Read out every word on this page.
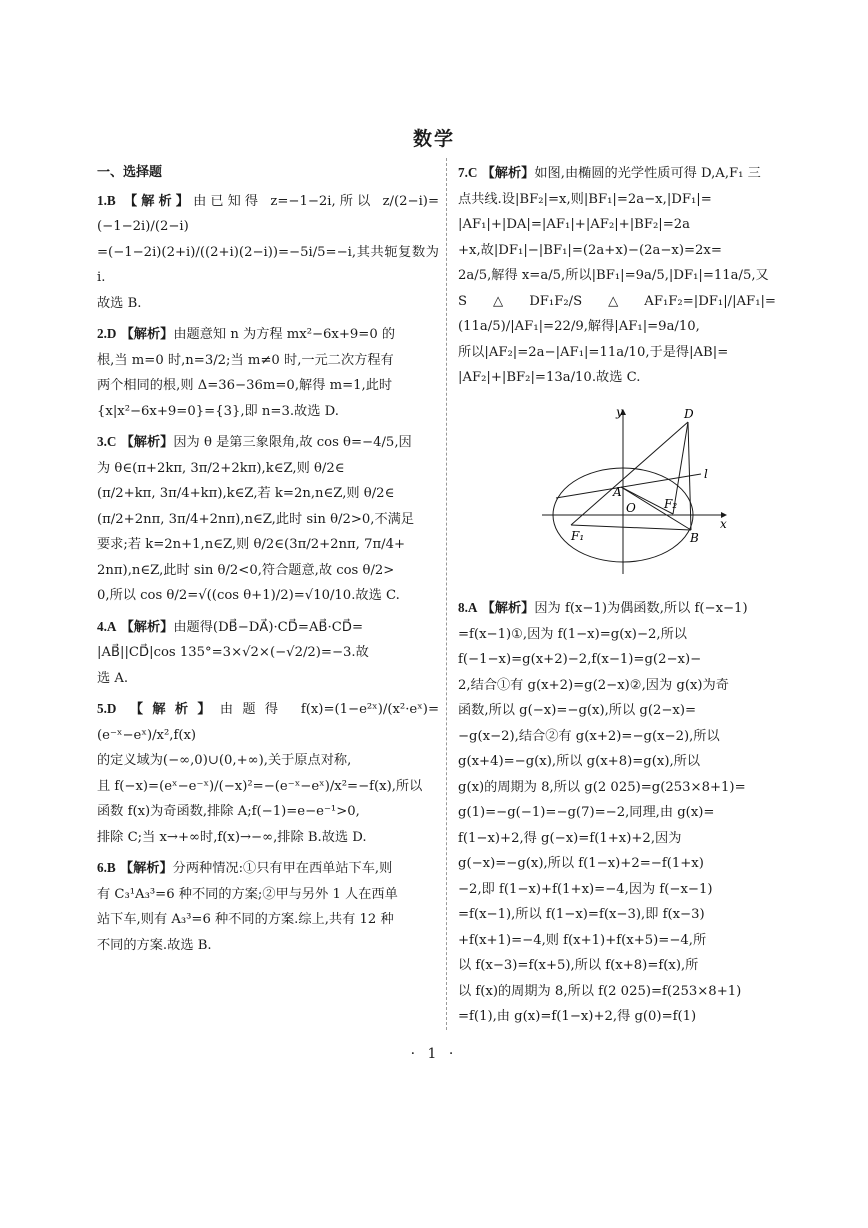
数学
一、选择题

1.B 【解析】由已知得 z=−1−2i,所以 z/(2−i)=(−1−2i)/(2−i)

=(−1−2i)(2+i)/((2+i)(2−i))=−5i/5=−i,其共轭复数为 i.

故选 B.

2.D 【解析】由题意知 n 为方程 mx²−6x+9=0 的

根,当 m=0 时,n=3/2;当 m≠0 时,一元二次方程有

两个相同的根,则 Δ=36−36m=0,解得 m=1,此时

{x|x²−6x+9=0}={3},即 n=3.故选 D.

3.C 【解析】因为 θ 是第三象限角,故 cos θ=−4/5,因

为 θ∈(π+2kπ, 3π/2+2kπ),k∈Z,则 θ/2∈

(π/2+kπ, 3π/4+kπ),k∈Z,若 k=2n,n∈Z,则 θ/2∈

(π/2+2nπ, 3π/4+2nπ),n∈Z,此时 sin θ/2>0,不满足

要求;若 k=2n+1,n∈Z,则 θ/2∈(3π/2+2nπ, 7π/4+

2nπ),n∈Z,此时 sin θ/2<0,符合题意,故 cos θ/2>

0,所以 cos θ/2=√((cos θ+1)/2)=√10/10.故选 C.

4.A 【解析】由题得(DB⃗−DA⃗)·CD⃗=AB⃗·CD⃗=

|AB⃗||CD⃗|cos 135°=3×√2×(−√2/2)=−3.故

选 A.

5.D 【解析】由题得 f(x)=(1−e²ˣ)/(x²·eˣ)=(e⁻ˣ−eˣ)/x²,f(x)

的定义域为(−∞,0)∪(0,+∞),关于原点对称,

且 f(−x)=(eˣ−e⁻ˣ)/(−x)²=−(e⁻ˣ−eˣ)/x²=−f(x),所以

函数 f(x)为奇函数,排除 A;f(−1)=e−e⁻¹>0,

排除 C;当 x→+∞时,f(x)→−∞,排除 B.故选 D.

6.B 【解析】分两种情况:①只有甲在西单站下车,则

有 C₃¹A₃³=6 种不同的方案;②甲与另外 1 人在西单

站下车,则有 A₃³=6 种不同的方案.综上,共有 12 种

不同的方案.故选 B.

7.C 【解析】如图,由椭圆的光学性质可得 D,A,F₁ 三

点共线.设|BF₂|=x,则|BF₁|=2a−x,|DF₁|=

|AF₁|+|DA|=|AF₁|+|AF₂|+|BF₂|=2a

+x,故|DF₁|−|BF₁|=(2a+x)−(2a−x)=2x=

2a/5,解得 x=a/5,所以|BF₁|=9a/5,|DF₁|=11a/5,又

S△DF₁F₂/S△AF₁F₂=|DF₁|/|AF₁|=(11a/5)/|AF₁|=22/9,解得|AF₁|=9a/10,

所以|AF₂|=2a−|AF₁|=11a/10,于是得|AB|=

|AF₂|+|BF₂|=13a/10.故选 C.

y	D
l
A
O F₂
F₁	B
x

8.A 【解析】因为 f(x−1)为偶函数,所以 f(−x−1)

=f(x−1)①,因为 f(1−x)=g(x)−2,所以

f(−1−x)=g(x+2)−2,f(x−1)=g(2−x)−

2,结合①有 g(x+2)=g(2−x)②,因为 g(x)为奇

函数,所以 g(−x)=−g(x),所以 g(2−x)=

−g(x−2),结合②有 g(x+2)=−g(x−2),所以

g(x+4)=−g(x),所以 g(x+8)=g(x),所以

g(x)的周期为 8,所以 g(2 025)=g(253×8+1)=

g(1)=−g(−1)=−g(7)=−2,同理,由 g(x)=

f(1−x)+2,得 g(−x)=f(1+x)+2,因为

g(−x)=−g(x),所以 f(1−x)+2=−f(1+x)

−2,即 f(1−x)+f(1+x)=−4,因为 f(−x−1)

=f(x−1),所以 f(1−x)=f(x−3),即 f(x−3)

+f(x+1)=−4,则 f(x+1)+f(x+5)=−4,所

以 f(x−3)=f(x+5),所以 f(x+8)=f(x),所

以 f(x)的周期为 8,所以 f(2 025)=f(253×8+1)

=f(1),由 g(x)=f(1−x)+2,得 g(0)=f(1)

· 1 ·
